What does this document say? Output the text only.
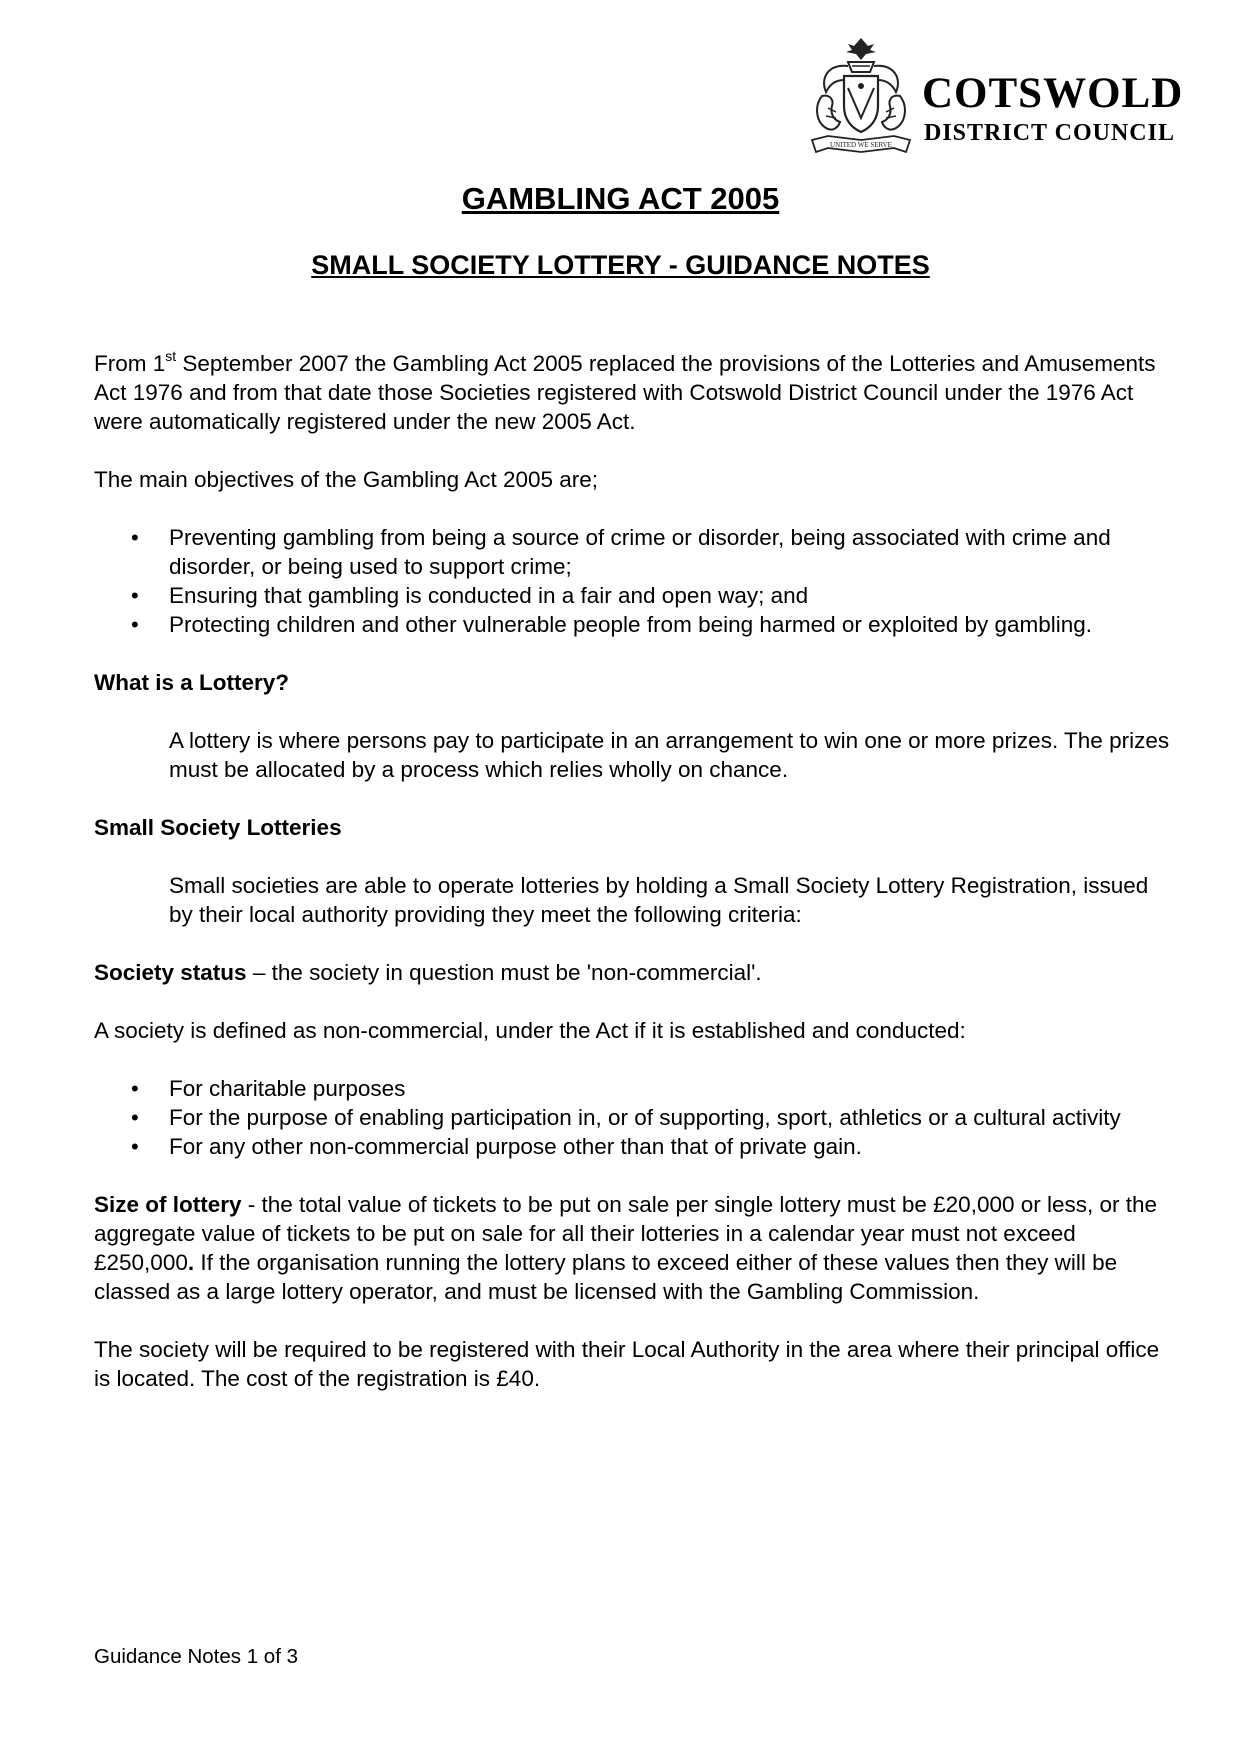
UNITED WE SERVE
COTSWOLD
DISTRICT COUNCIL
GAMBLING ACT 2005
SMALL SOCIETY LOTTERY - GUIDANCE NOTES

From 1st September 2007 the Gambling Act 2005 replaced the provisions of the Lotteries and Amusements Act 1976 and from that date those Societies registered with Cotswold District Council under the 1976 Act were automatically registered under the new 2005 Act.

The main objectives of the Gambling Act 2005 are;

• Preventing gambling from being a source of crime or disorder, being associated with crime and disorder, or being used to support crime;
• Ensuring that gambling is conducted in a fair and open way; and
• Protecting children and other vulnerable people from being harmed or exploited by gambling.

What is a Lottery?

A lottery is where persons pay to participate in an arrangement to win one or more prizes. The prizes must be allocated by a process which relies wholly on chance.

Small Society Lotteries

Small societies are able to operate lotteries by holding a Small Society Lottery Registration, issued by their local authority providing they meet the following criteria:

Society status – the society in question must be 'non-commercial'.

A society is defined as non-commercial, under the Act if it is established and conducted:

• For charitable purposes
• For the purpose of enabling participation in, or of supporting, sport, athletics or a cultural activity
• For any other non-commercial purpose other than that of private gain.

Size of lottery - the total value of tickets to be put on sale per single lottery must be £20,000 or less, or the aggregate value of tickets to be put on sale for all their lotteries in a calendar year must not exceed £250,000. If the organisation running the lottery plans to exceed either of these values then they will be classed as a large lottery operator, and must be licensed with the Gambling Commission.

The society will be required to be registered with their Local Authority in the area where their principal office is located. The cost of the registration is £40.

Guidance Notes 1 of 3
